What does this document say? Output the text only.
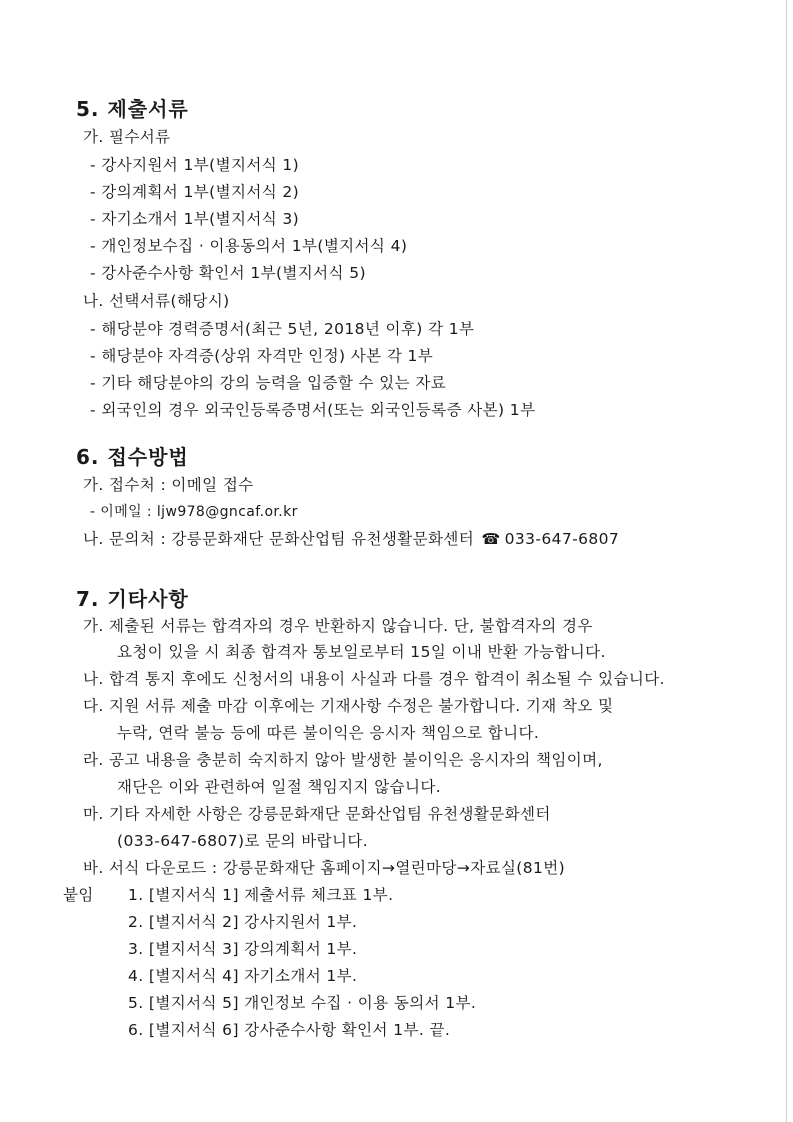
5. 제출서류
가. 필수서류
- 강사지원서 1부(별지서식 1)
- 강의계획서 1부(별지서식 2)
- 자기소개서 1부(별지서식 3)
- 개인정보수집 · 이용동의서 1부(별지서식 4)
- 강사준수사항 확인서 1부(별지서식 5)
나. 선택서류(해당시)
- 해당분야 경력증명서(최근 5년, 2018년 이후) 각 1부
- 해당분야 자격증(상위 자격만 인정) 사본 각 1부
- 기타 해당분야의 강의 능력을 입증할 수 있는 자료
- 외국인의 경우 외국인등록증명서(또는 외국인등록증 사본) 1부
6. 접수방법
가. 접수처 : 이메일 접수
- 이메일 : ljw978@gncaf.or.kr
나. 문의처 : 강릉문화재단 문화산업팀 유천생활문화센터 ☎ 033-647-6807
7. 기타사항
가. 제출된 서류는 합격자의 경우 반환하지 않습니다. 단, 불합격자의 경우
요청이 있을 시 최종 합격자 통보일로부터 15일 이내 반환 가능합니다.
나. 합격 통지 후에도 신청서의 내용이 사실과 다를 경우 합격이 취소될 수 있습니다.
다. 지원 서류 제출 마감 이후에는 기재사항 수정은 불가합니다. 기재 착오 및
누락, 연락 불능 등에 따른 불이익은 응시자 책임으로 합니다.
라. 공고 내용을 충분히 숙지하지 않아 발생한 불이익은 응시자의 책임이며,
재단은 이와 관련하여 일절 책임지지 않습니다.
마. 기타 자세한 사항은 강릉문화재단 문화산업팀 유천생활문화센터
(033-647-6807)로 문의 바랍니다.
바. 서식 다운로드 : 강릉문화재단 홈페이지→열린마당→자료실(81번)
붙임 1. [별지서식 1] 제출서류 체크표 1부.
2. [별지서식 2] 강사지원서 1부.
3. [별지서식 3] 강의계획서 1부.
4. [별지서식 4] 자기소개서 1부.
5. [별지서식 5] 개인정보 수집 · 이용 동의서 1부.
6. [별지서식 6] 강사준수사항 확인서 1부. 끝.
